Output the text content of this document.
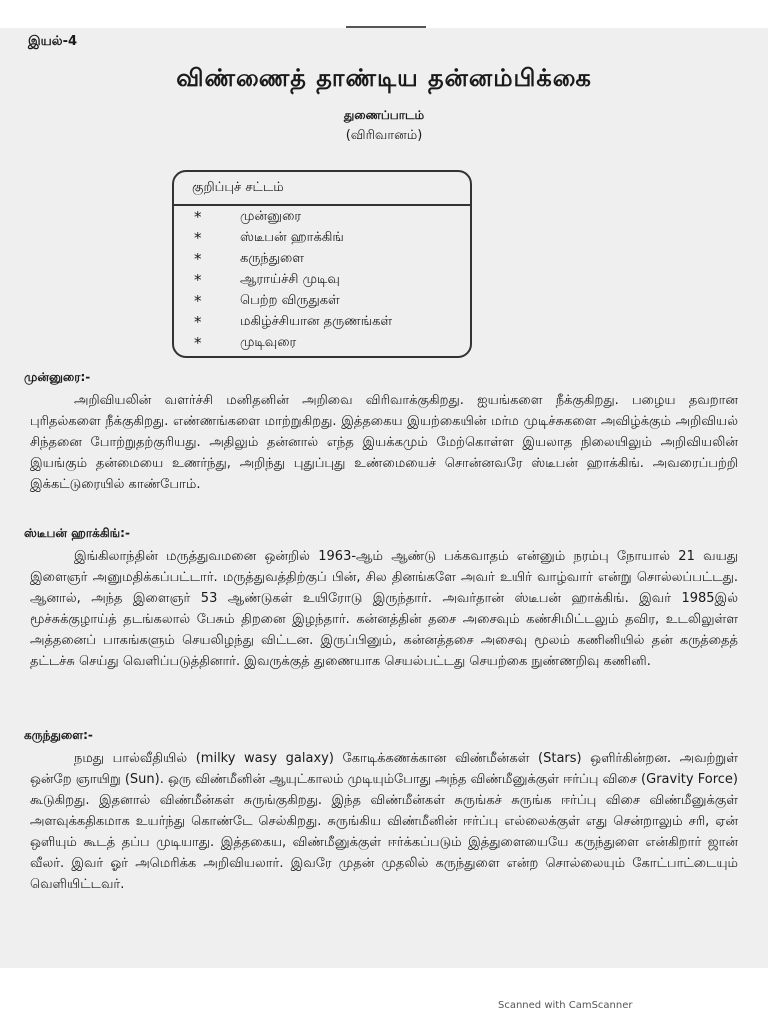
இயல்-4
விண்ணைத் தாண்டிய தன்னம்பிக்கை
துணைப்பாடம்
(விரிவானம்)
குறிப்புச் சட்டம்
*	முன்னுரை
*	ஸ்டீபன் ஹாக்கிங்
*	கருந்துளை
*	ஆராய்ச்சி முடிவு
*	பெற்ற விருதுகள்
*	மகிழ்ச்சியான தருணங்கள்
*	முடிவுரை
முன்னுரை:-

அறிவியலின் வளர்ச்சி மனிதனின் அறிவை விரிவாக்குகிறது. ஐயங்களை நீக்குகிறது. பழைய தவறான புரிதல்களை நீக்குகிறது. எண்ணங்களை மாற்றுகிறது. இத்தகைய இயற்கையின் மர்ம முடிச்சுகளை அவிழ்க்கும் அறிவியல் சிந்தனை போற்றுதற்குரியது. அதிலும் தன்னால் எந்த இயக்கமும் மேற்கொள்ள இயலாத நிலையிலும் அறிவியலின் இயங்கும் தன்மையை உணர்ந்து, அறிந்து புதுப்புது உண்மையைச் சொன்னவரே ஸ்டீபன் ஹாக்கிங். அவரைப்பற்றி இக்கட்டுரையில் காண்போம்.

ஸ்டீபன் ஹாக்கிங்:-

இங்கிலாந்தின் மருத்துவமனை ஒன்றில் 1963-ஆம் ஆண்டு பக்கவாதம் என்னும் நரம்பு நோயால் 21 வயது இளைஞர் அனுமதிக்கப்பட்டார். மருத்துவத்திற்குப் பின், சில தினங்களே அவர் உயிர் வாழ்வார் என்று சொல்லப்பட்டது. ஆனால், அந்த இளைஞர் 53 ஆண்டுகள் உயிரோடு இருந்தார். அவர்தான் ஸ்டீபன் ஹாக்கிங். இவர் 1985இல் மூச்சுக்குழாய்த் தடங்கலால் பேசும் திறனை இழந்தார். கன்னத்தின் தசை அசைவும் கண்சிமிட்டலும் தவிர, உடலிலுள்ள அத்தனைப் பாகங்களும் செயலிழந்து விட்டன. இருப்பினும், கன்னத்தசை அசைவு மூலம் கணினியில் தன் கருத்தைத் தட்டச்சு செய்து வெளிப்படுத்தினார். இவருக்குத் துணையாக செயல்பட்டது செயற்கை நுண்ணறிவு கணினி.

கருந்துளை:-

நமது பால்வீதியில் (milky wasy galaxy) கோடிக்கணக்கான விண்மீன்கள் (Stars) ஒளிர்கின்றன. அவற்றுள் ஒன்றே ஞாயிறு (Sun). ஒரு விண்மீனின் ஆயுட்காலம் முடியும்போது அந்த விண்மீனுக்குள் ஈர்ப்பு விசை (Gravity Force) கூடுகிறது. இதனால் விண்மீன்கள் சுருங்குகிறது. இந்த விண்மீன்கள் சுருங்கச் சுருங்க ஈர்ப்பு விசை விண்மீனுக்குள் அளவுக்கதிகமாக உயர்ந்து கொண்டே செல்கிறது. சுருங்கிய விண்மீனின் ஈர்ப்பு எல்லைக்குள் எது சென்றாலும் சரி, ஏன் ஒளியும் கூடத் தப்ப முடியாது. இத்தகைய, விண்மீனுக்குள் ஈர்க்கப்படும் இத்துளையையே கருந்துளை என்கிறார் ஜான் வீலர். இவர் ஓர் அமெரிக்க அறிவியலார். இவரே முதன் முதலில் கருந்துளை என்ற சொல்லையும் கோட்பாட்டையும் வெளியிட்டவர்.

Scanned with CamScanner
